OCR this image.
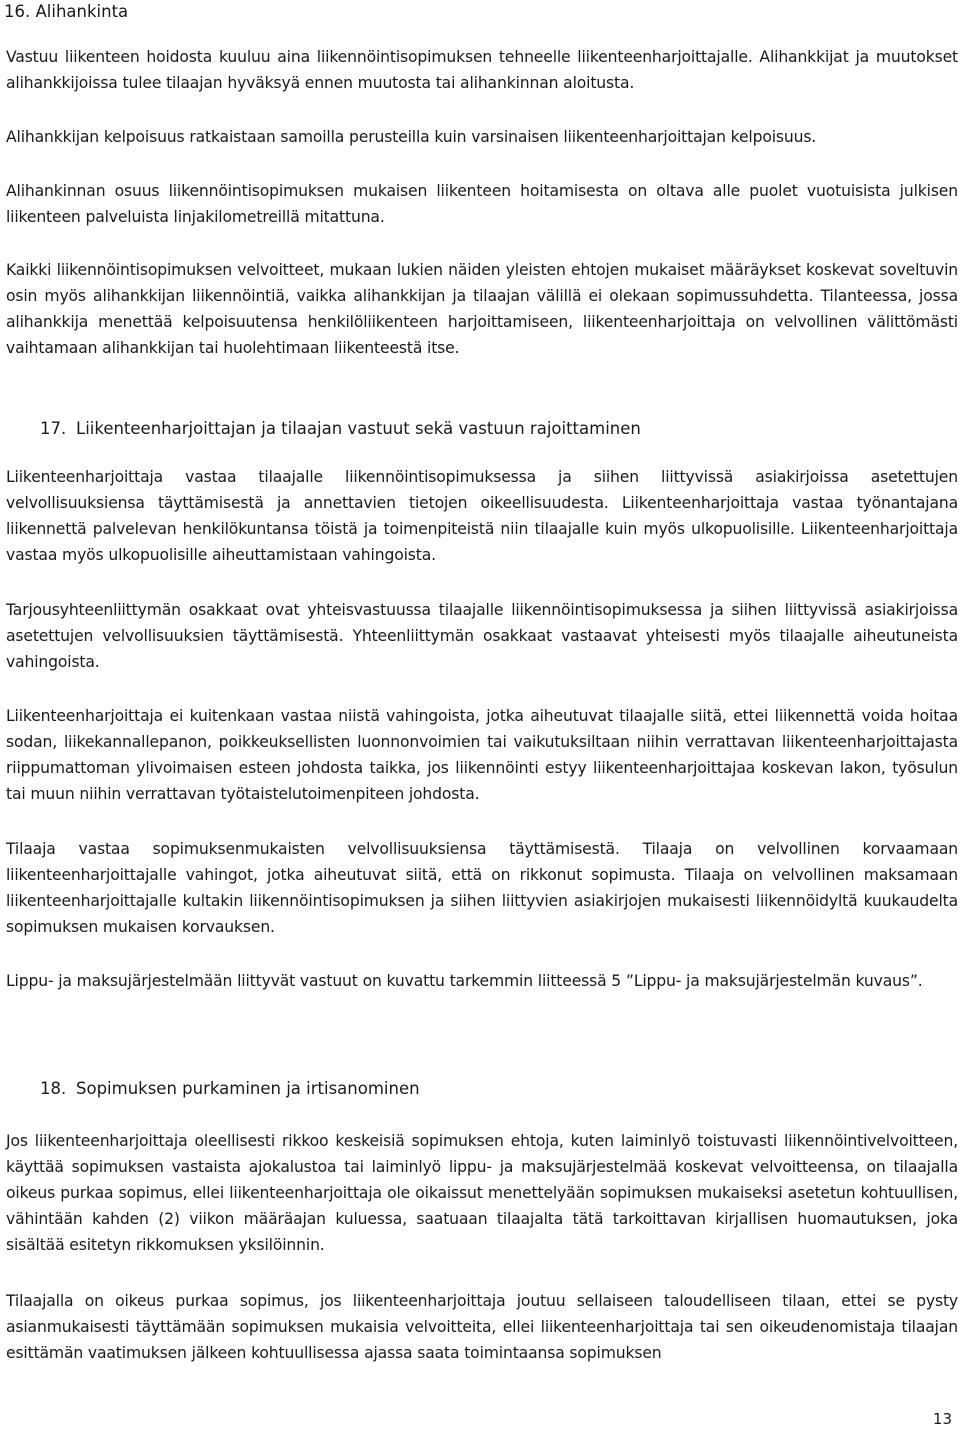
16. Alihankinta

Vastuu liikenteen hoidosta kuuluu aina liikennöintisopimuksen tehneelle liikenteenharjoittajalle. Alihankkijat ja muutokset alihankkijoissa tulee tilaajan hyväksyä ennen muutosta tai alihankinnan aloitusta.

Alihankkijan kelpoisuus ratkaistaan samoilla perusteilla kuin varsinaisen liikenteenharjoittajan kelpoisuus.

Alihankinnan osuus liikennöintisopimuksen mukaisen liikenteen hoitamisesta on oltava alle puolet vuotuisista julkisen liikenteen palveluista linjakilometreillä mitattuna.

Kaikki liikennöintisopimuksen velvoitteet, mukaan lukien näiden yleisten ehtojen mukaiset määräykset koskevat soveltuvin osin myös alihankkijan liikennöintiä, vaikka alihankkijan ja tilaajan välillä ei olekaan sopimussuhdetta. Tilanteessa, jossa alihankkija menettää kelpoisuutensa henkilöliikenteen harjoittamiseen, liikenteenharjoittaja on velvollinen välittömästi vaihtamaan alihankkijan tai huolehtimaan liikenteestä itse.

17. Liikenteenharjoittajan ja tilaajan vastuut sekä vastuun rajoittaminen

Liikenteenharjoittaja vastaa tilaajalle liikennöintisopimuksessa ja siihen liittyvissä asiakirjoissa asetettujen velvollisuuksiensa täyttämisestä ja annettavien tietojen oikeellisuudesta. Liikenteenharjoittaja vastaa työnantajana liikennettä palvelevan henkilökuntansa töistä ja toimenpiteistä niin tilaajalle kuin myös ulkopuolisille. Liikenteenharjoittaja vastaa myös ulkopuolisille aiheuttamistaan vahingoista.

Tarjousyhteenliittymän osakkaat ovat yhteisvastuussa tilaajalle liikennöintisopimuksessa ja siihen liittyvissä asiakirjoissa asetettujen velvollisuuksien täyttämisestä. Yhteenliittymän osakkaat vastaavat yhteisesti myös tilaajalle aiheutuneista vahingoista.

Liikenteenharjoittaja ei kuitenkaan vastaa niistä vahingoista, jotka aiheutuvat tilaajalle siitä, ettei liikennettä voida hoitaa sodan, liikekannallepanon, poikkeuksellisten luonnonvoimien tai vaikutuksiltaan niihin verrattavan liikenteenharjoittajasta riippumattoman ylivoimaisen esteen johdosta taikka, jos liikennöinti estyy liikenteenharjoittajaa koskevan lakon, työsulun tai muun niihin verrattavan työtaistelutoimenpiteen johdosta.

Tilaaja vastaa sopimuksenmukaisten velvollisuuksiensa täyttämisestä. Tilaaja on velvollinen korvaamaan liikenteenharjoittajalle vahingot, jotka aiheutuvat siitä, että on rikkonut sopimusta. Tilaaja on velvollinen maksamaan liikenteenharjoittajalle kultakin liikennöintisopimuksen ja siihen liittyvien asiakirjojen mukaisesti liikennöidyltä kuukaudelta sopimuksen mukaisen korvauksen.

Lippu- ja maksujärjestelmään liittyvät vastuut on kuvattu tarkemmin liitteessä 5 ”Lippu- ja maksujärjestelmän kuvaus”.

18. Sopimuksen purkaminen ja irtisanominen

Jos liikenteenharjoittaja oleellisesti rikkoo keskeisiä sopimuksen ehtoja, kuten laiminlyö toistuvasti liikennöintivelvoitteen, käyttää sopimuksen vastaista ajokalustoa tai laiminlyö lippu- ja maksujärjestelmää koskevat velvoitteensa, on tilaajalla oikeus purkaa sopimus, ellei liikenteenharjoittaja ole oikaissut menettelyään sopimuksen mukaiseksi asetetun kohtuullisen, vähintään kahden (2) viikon määräajan kuluessa, saatuaan tilaajalta tätä tarkoittavan kirjallisen huomautuksen, joka sisältää esitetyn rikkomuksen yksilöinnin.

Tilaajalla on oikeus purkaa sopimus, jos liikenteenharjoittaja joutuu sellaiseen taloudelliseen tilaan, ettei se pysty asianmukaisesti täyttämään sopimuksen mukaisia velvoitteita, ellei liikenteenharjoittaja tai sen oikeudenomistaja tilaajan esittämän vaatimuksen jälkeen kohtuullisessa ajassa saata toimintaansa sopimuksen

13
